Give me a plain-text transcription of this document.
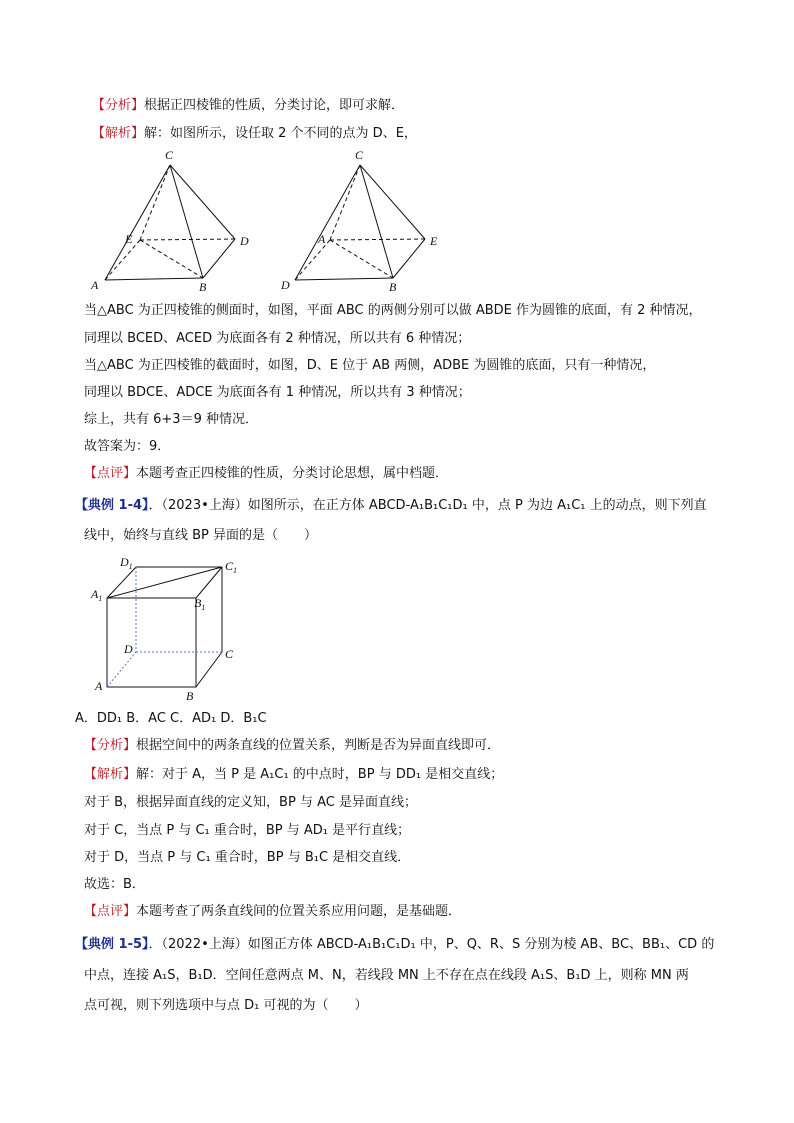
【分析】根据正四棱锥的性质，分类讨论，即可求解．
【解析】解：如图所示，设任取 2 个不同的点为 D、E，
C
A	B
D
E
C
D	B
E
A
当△ABC 为正四棱锥的侧面时，如图，平面 ABC 的两侧分别可以做 ABDE 作为圆锥的底面，有 2 种情况，
同理以 BCED、ACED 为底面各有 2 种情况，所以共有 6 种情况；
当△ABC 为正四棱锥的截面时，如图，D、E 位于 AB 两侧，ADBE 为圆锥的底面，只有一种情况，
同理以 BDCE、ADCE 为底面各有 1 种情况，所以共有 3 种情况；
综上，共有 6+3＝9 种情况．
故答案为：9．
【点评】本题考查正四棱锥的性质，分类讨论思想，属中档题．
【典例 1-4】．（2023•上海）如图所示，在正方体 ABCD-A₁B₁C₁D₁ 中，点 P 为边 A₁C₁ 上的动点，则下列直
线中，始终与直线 BP 异面的是（　　）
$D_1$	$C_1$
$A_1$	$B_1$
D	C
A
B
A．DD₁ B．AC C．AD₁ D．B₁C
【分析】根据空间中的两条直线的位置关系，判断是否为异面直线即可．
【解析】解：对于 A，当 P 是 A₁C₁ 的中点时，BP 与 DD₁ 是相交直线；
对于 B，根据异面直线的定义知，BP 与 AC 是异面直线；
对于 C，当点 P 与 C₁ 重合时，BP 与 AD₁ 是平行直线；
对于 D，当点 P 与 C₁ 重合时，BP 与 B₁C 是相交直线．
故选：B．
【点评】本题考查了两条直线间的位置关系应用问题，是基础题．
【典例 1-5】．（2022•上海）如图正方体 ABCD-A₁B₁C₁D₁ 中，P、Q、R、S 分别为棱 AB、BC、BB₁、CD 的
中点，连接 A₁S，B₁D．空间任意两点 M、N，若线段 MN 上不存在点在线段 A₁S、B₁D 上，则称 MN 两
点可视，则下列选项中与点 D₁ 可视的为（　　）
